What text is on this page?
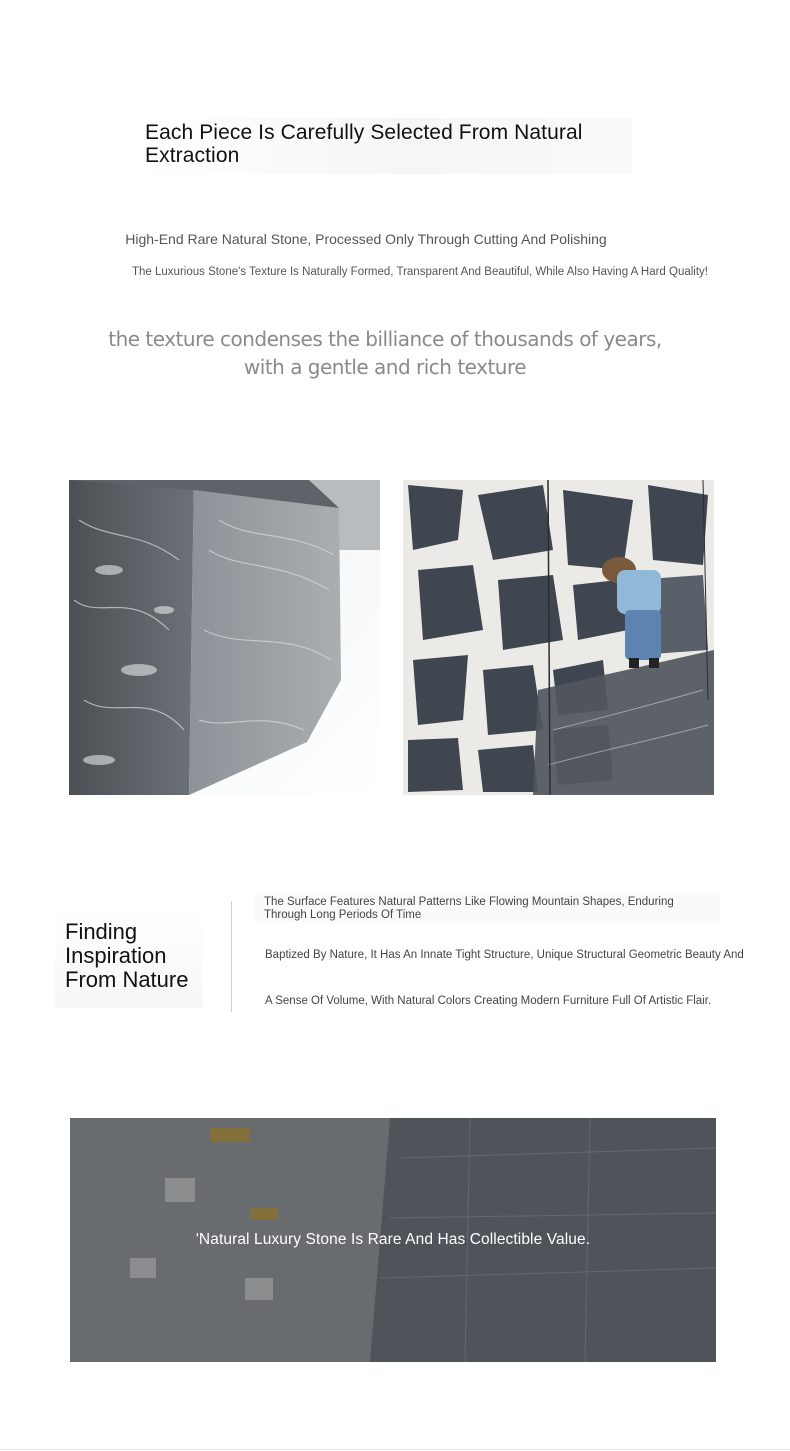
Each Piece Is Carefully Selected From Natural Extraction
High-End Rare Natural Stone, Processed Only Through Cutting And Polishing
The Luxurious Stone's Texture Is Naturally Formed, Transparent And Beautiful, While Also Having A Hard Quality!
the texture condenses the billiance of thousands of years,
with a gentle and rich texture
Finding
Inspiration
From Nature
The Surface Features Natural Patterns Like Flowing Mountain Shapes, Enduring Through Long Periods Of Time
Baptized By Nature, It Has An Innate Tight Structure, Unique Structural Geometric Beauty And
A Sense Of Volume, With Natural Colors Creating Modern Furniture Full Of Artistic Flair.
'Natural Luxury Stone Is Rare And Has Collectible Value.
